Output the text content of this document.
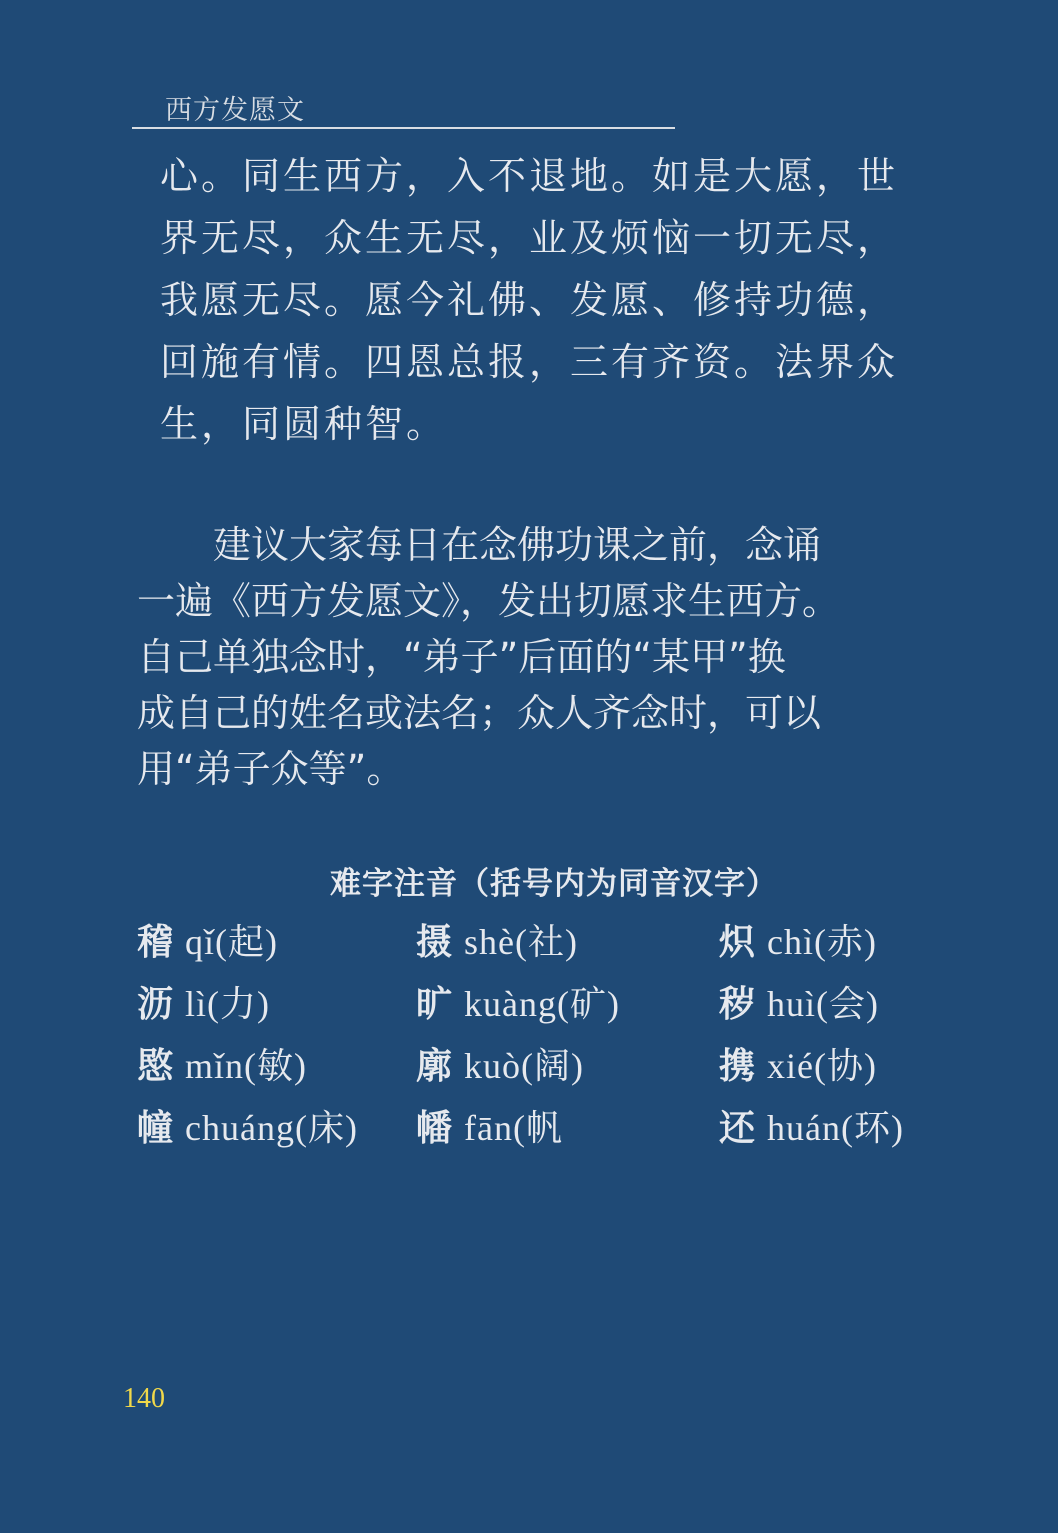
西方发愿文
心。同生西方，入不退地。如是大愿，世
界无尽，众生无尽，业及烦恼一切无尽，
我愿无尽。愿今礼佛、发愿、修持功德，
回施有情。四恩总报，三有齐资。法界众
生，同圆种智。
　　建议大家每日在念佛功课之前，念诵
一遍《西方发愿文》，发出切愿求生西方。
自己单独念时，“弟子”后面的“某甲”换
成自己的姓名或法名；众人齐念时，可以
用“弟子众等”。
难字注音（括号内为同音汉字）
稽 qǐ(起)	摄 shè(社)	炽 chì(赤)
沥 lì(力)	旷 kuàng(矿)	秽 huì(会)
愍 mǐn(敏)	廓 kuò(阔)	携 xié(协)
幢 chuáng(床) 幡 fān(帆	还 huán(环)
140
